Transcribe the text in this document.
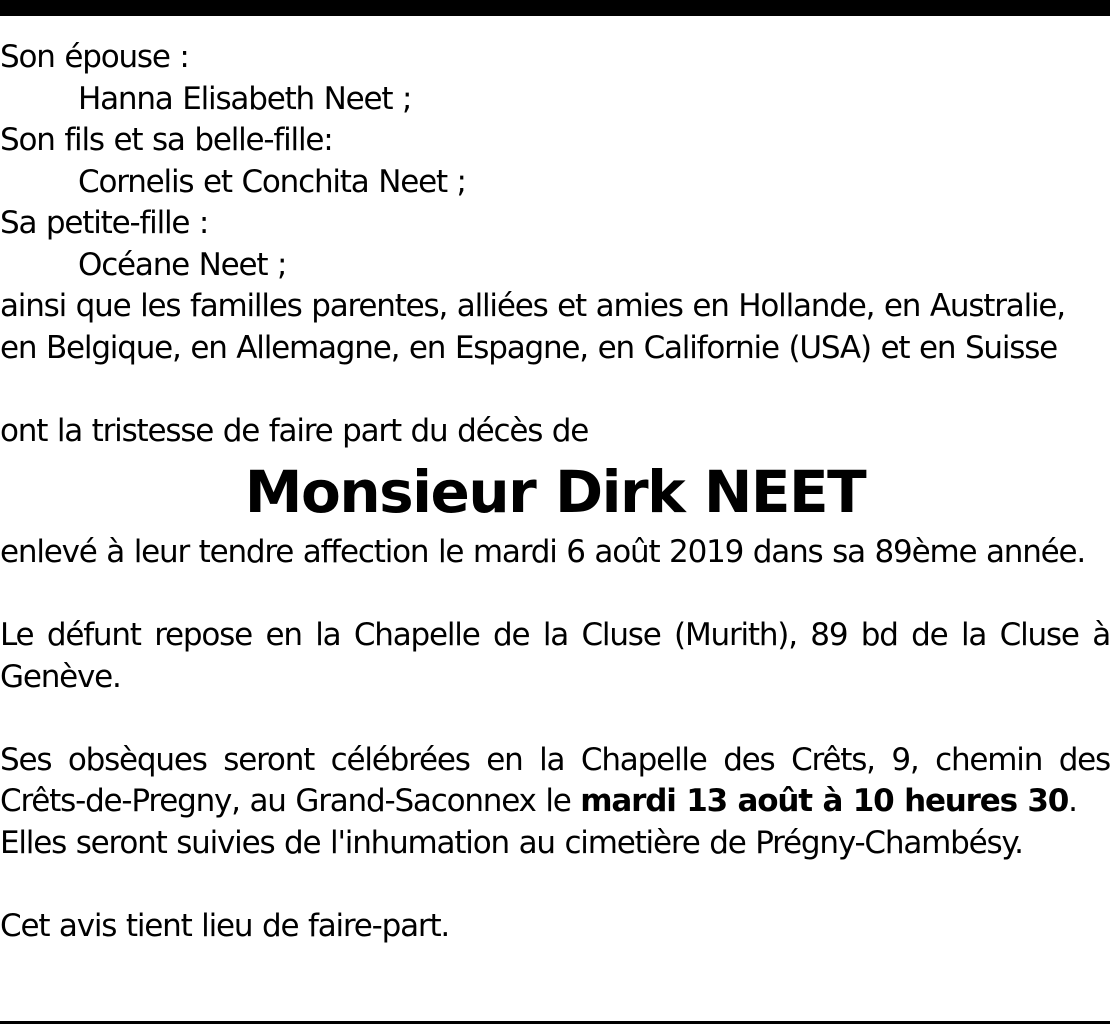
Son épouse :
Hanna Elisabeth Neet ;
Son fils et sa belle-fille:
Cornelis et Conchita Neet ;
Sa petite-fille :
Océane Neet ;
ainsi que les familles parentes, alliées et amies en Hollande, en Australie,
en Belgique, en Allemagne, en Espagne, en Californie (USA) et en Suisse
ont la tristesse de faire part du décès de
Monsieur Dirk NEET
enlevé à leur tendre affection le mardi 6 août 2019 dans sa 89ème année.
Le défunt repose en la Chapelle de la Cluse (Murith), 89 bd de la Cluse à Genève.
Ses obsèques seront célébrées en la Chapelle des Crêts, 9, chemin des Crêts-de-Pregny, au Grand-Saconnex le mardi 13 août à 10 heures 30.
Elles seront suivies de l'inhumation au cimetière de Prégny-Chambésy.
Cet avis tient lieu de faire-part.
